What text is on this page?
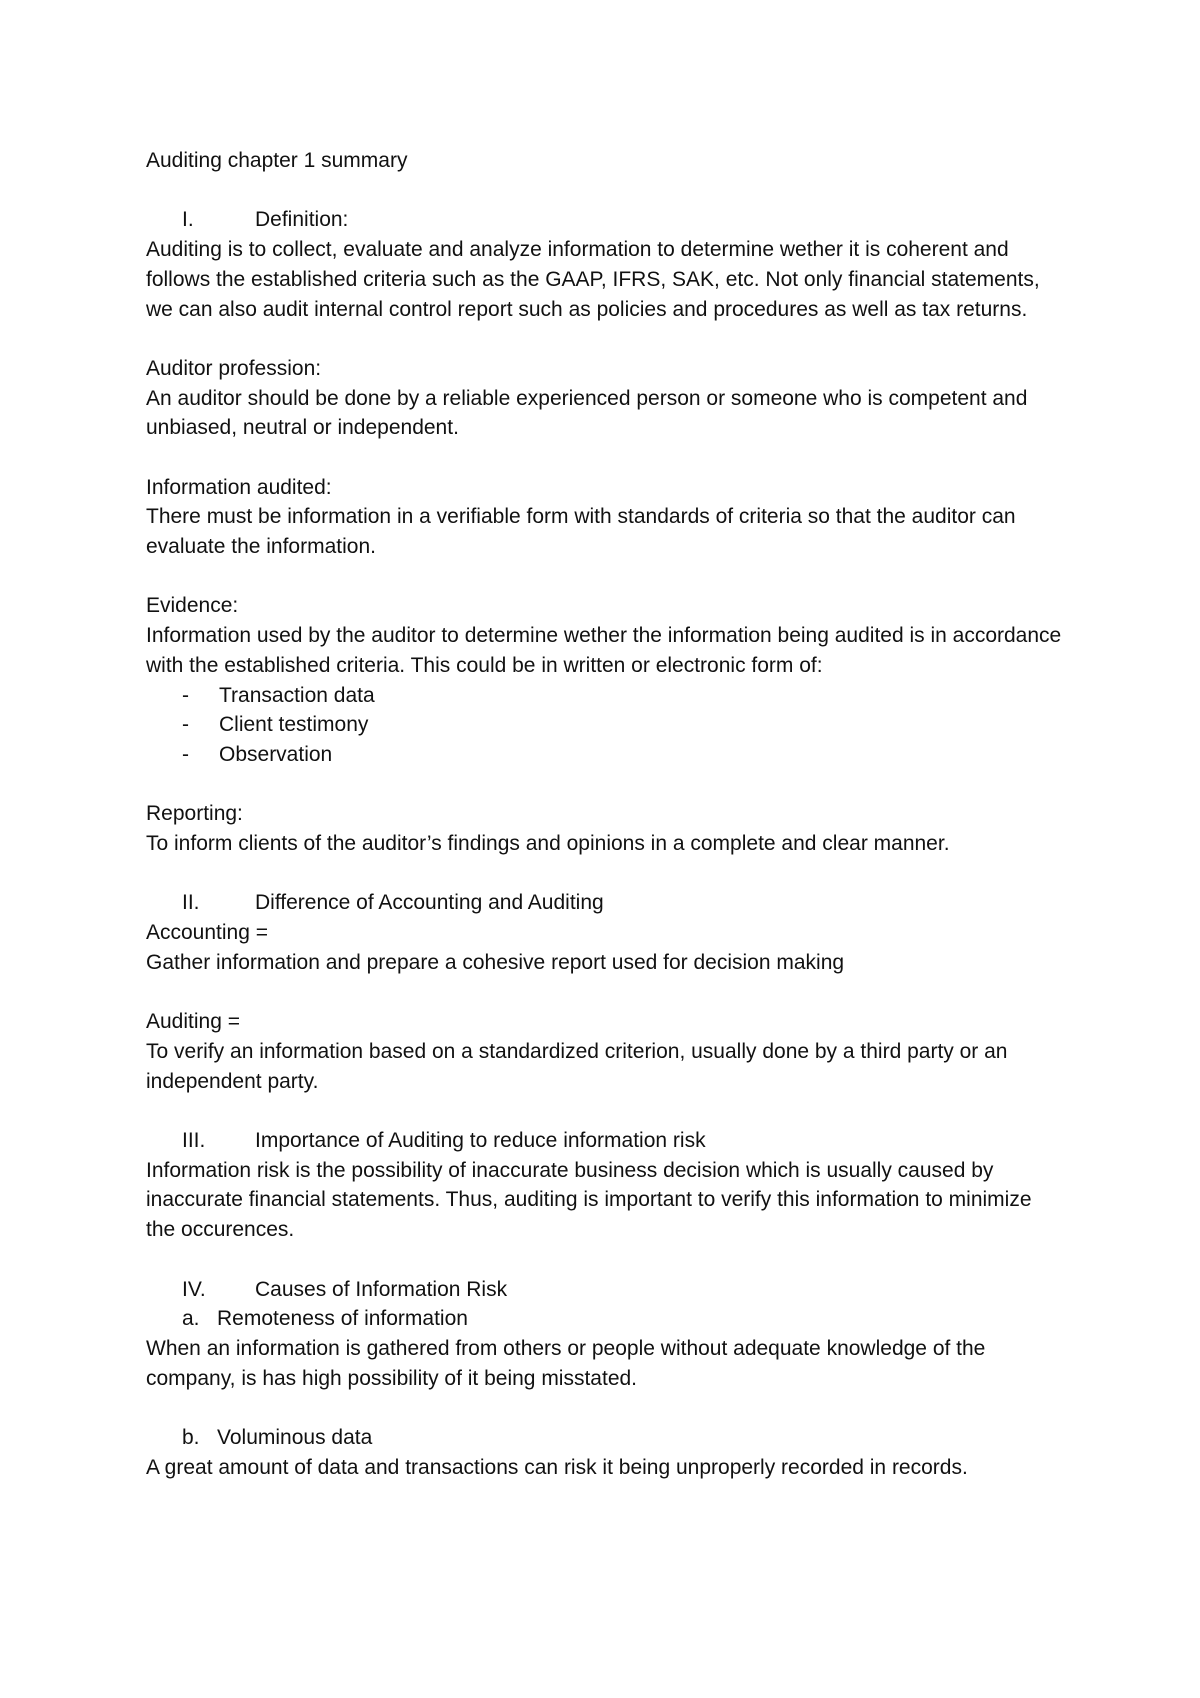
Auditing chapter 1 summary

I.	Definition:

Auditing is to collect, evaluate and analyze information to determine wether it is coherent and follows the established criteria such as the GAAP, IFRS, SAK, etc. Not only financial statements, we can also audit internal control report such as policies and procedures as well as tax returns.

Auditor profession:

An auditor should be done by a reliable experienced person or someone who is competent and unbiased, neutral or independent.

Information audited:

There must be information in a verifiable form with standards of criteria so that the auditor can evaluate the information.

Evidence:

Information used by the auditor to determine wether the information being audited is in accordance with the established criteria. This could be in written or electronic form of:

-	Transaction data
-	Client testimony
-	Observation

Reporting:

To inform clients of the auditor’s findings and opinions in a complete and clear manner.

II.	Difference of Accounting and Auditing

Accounting =

Gather information and prepare a cohesive report used for decision making

Auditing =

To verify an information based on a standardized criterion, usually done by a third party or an independent party.

III.	Importance of Auditing to reduce information risk

Information risk is the possibility of inaccurate business decision which is usually caused by inaccurate financial statements. Thus, auditing is important to verify this information to minimize the occurences.

IV.	Causes of Information Risk

a. Remoteness of information

When an information is gathered from others or people without adequate knowledge of the company, is has high possibility of it being misstated.

b. Voluminous data

A great amount of data and transactions can risk it being unproperly recorded in records.
